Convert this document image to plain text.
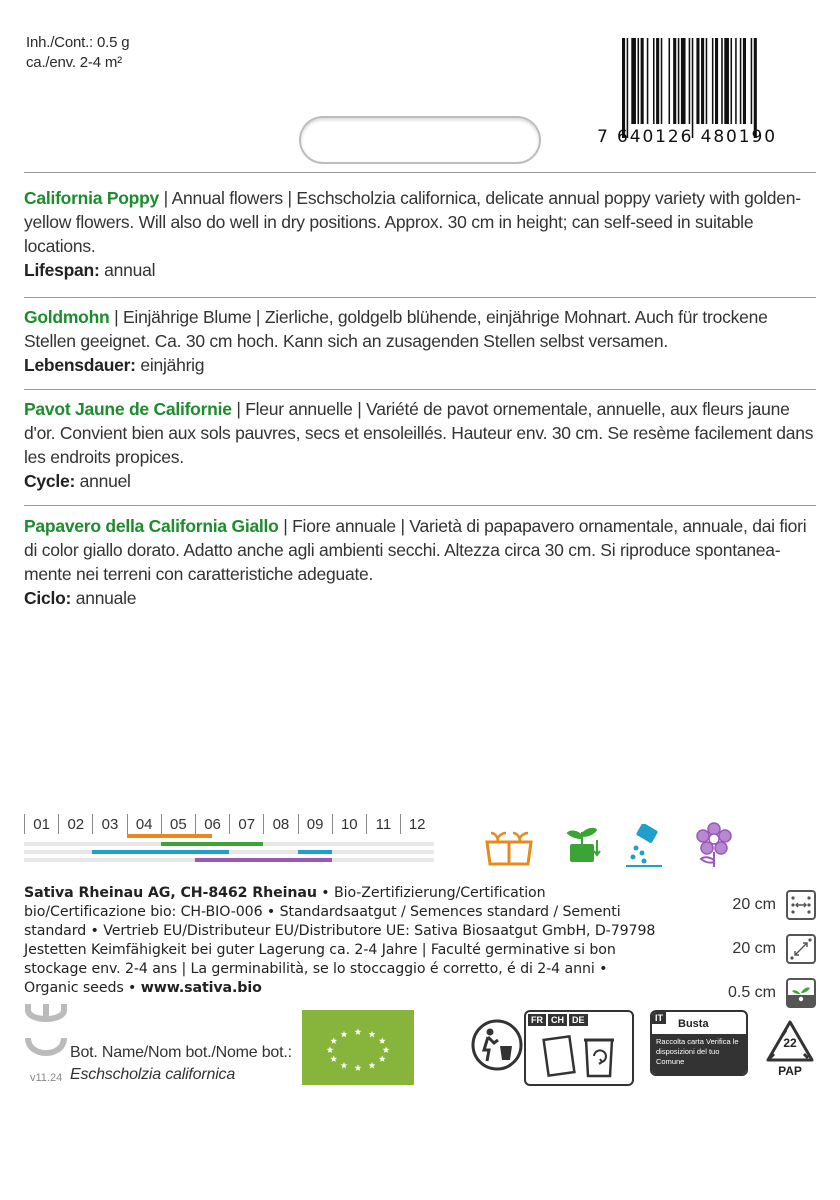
Inh./Cont.: 0.5 g
ca./env. 2-4 m²
7 640126 480190
California Poppy | Annual flowers | Eschscholzia californica, delicate annual poppy variety with golden-yellow flowers. Will also do well in dry positions. Approx. 30 cm in height; can self-seed in suitable locations.
Lifespan: annual
Goldmohn | Einjährige Blume | Zierliche, goldgelb blühende, einjährige Mohnart. Auch für trockene Stellen geeignet. Ca. 30 cm hoch. Kann sich an zusagenden Stellen selbst versamen.
Lebensdauer: einjährig
Pavot Jaune de Californie | Fleur annuelle | Variété de pavot ornementale, annuelle, aux fleurs jaune d'or. Convient bien aux sols pauvres, secs et ensoleillés. Hauteur env. 30 cm. Se resème facilement dans les endroits propices.
Cycle: annuel
Papavero della California Giallo | Fiore annuale | Varietà di papapavero ornamentale, annuale, dai fiori di color giallo dorato. Adatto anche agli ambienti secchi. Altezza circa 30 cm. Si riproduce spontanea-mente nei terreni con caratteristiche adeguate.
Ciclo: annuale
01	02	03	04	05	06	07	08	09	10	11	12
Sativa Rheinau AG, CH-8462 Rheinau • Bio-Zertifizierung/Certification bio/Certificazione bio: CH-BIO-006 • Standardsaatgut / Semences standard / Sementi standard • Vertrieb EU/Distributeur EU/Distributore UE: Sativa Biosaatgut GmbH, D-79798 Jestetten Keimfähigkeit bei guter Lagerung ca. 2-4 Jahre | Faculté germinative si bon stockage env. 2-4 ans | La germinabilità, se lo stoccaggio é corretto, é di 2-4 anni • Organic seeds • www.sativa.bio
20 cm
20 cm
0.5 cm
Bot. Name/Nom bot./Nome bot.:
Eschscholzia californica
v11.24
FR CH DE	IT Busta
Raccolta carta Verifica le disposizioni del tuo Comune
22
PAP
